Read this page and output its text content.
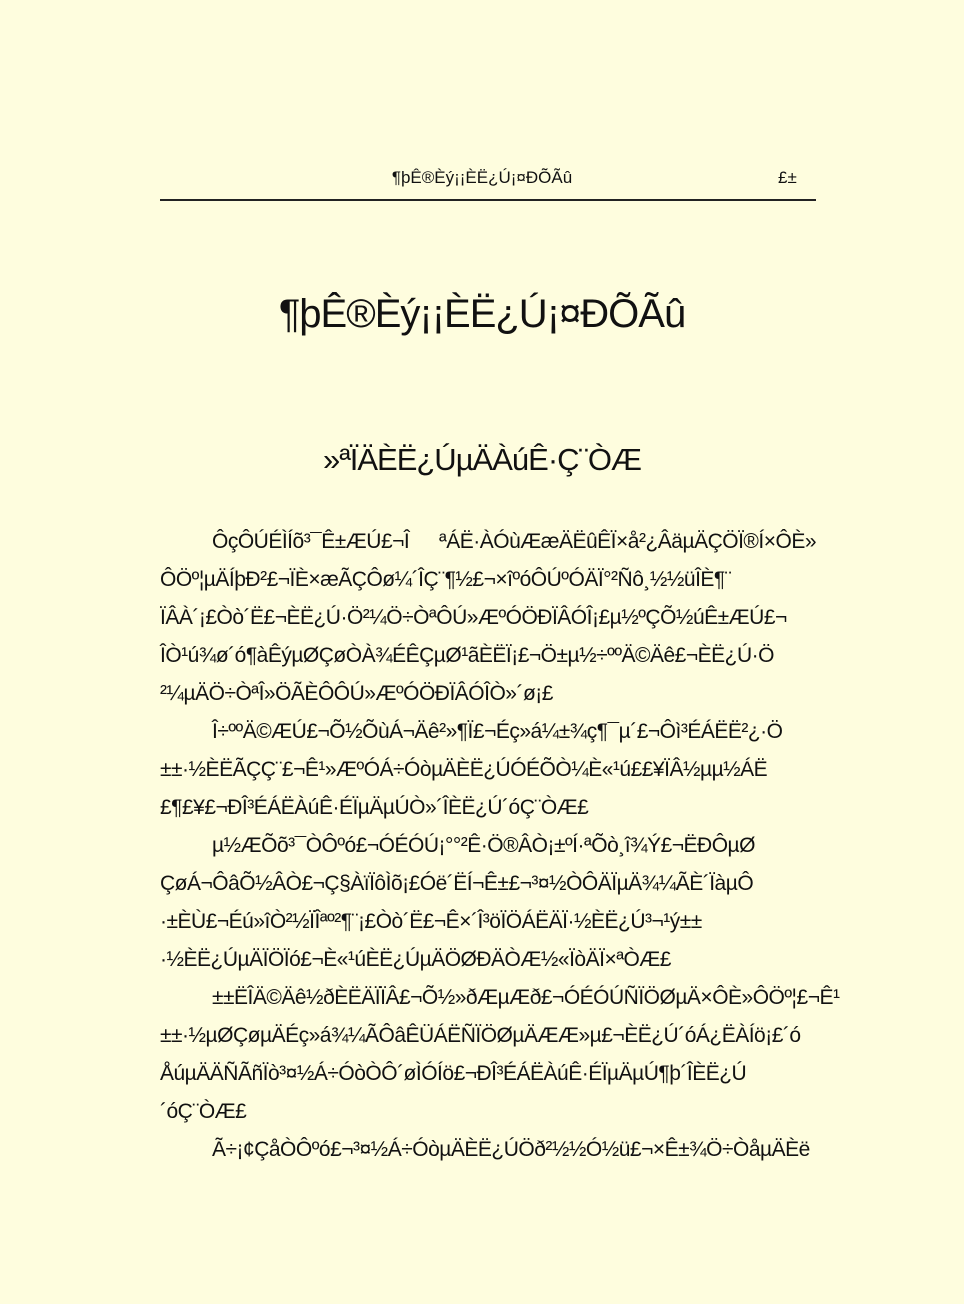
¶þÊ®Èý¡¡ÈË¿Ú¡¤ÐÕÃû	£±
¶þÊ®Èý¡¡ÈË¿Ú¡¤ÐÕÃû
»ªÏÄÈË¿ÚµÄÀúÊ·Ç¨ÒÆ
ÔçÔÚÉÌÍõ³¯Ê±ÆÚ£¬Î ªÁË·ÀÓùÆæÄËûÊÏ×å²¿ÂäµÄÇÖÏ®Í×ÔÈ»
ÔÖº¦µÄÍþÐ²£¬ÏÈ×æÃÇÔø¼´ÎÇ¨¶½£¬×îºóÔÚºÓÄÏ°²Ñô¸½½üÎÈ¶¨
ÏÂÀ´¡£Òò´Ë£¬ÈË¿Ú·Ö²¼Ö÷ÒªÔÚ»ÆºÓÖÐÏÂÓÎ¡£µ½ºÇÕ½úÊ±ÆÚ£¬
ÎÒ¹ú¾ø´ó¶àÊýµØÇøÒÀ¾ÉÊÇµØ¹ãÈËÏ¡£¬Ö±µ½÷ººÄ©Äê£¬ÈË¿Ú·Ö
²¼µÄÖ÷ÒªÎ»ÖÃÈÔÔÚ»ÆºÓÖÐÏÂÓÎÒ»´ø¡£
Î÷ººÄ©ÆÚ£¬Õ½ÕùÁ¬Äê²»¶Ï£¬Éç»á¼±¾ç¶¯µ´£¬Ôì³ÉÁËË²¿·Ö
±±·½ÈËÃÇÇ¨£¬Ê¹»ÆºÓÁ÷ÓòµÄÈË¿ÚÓÉÕÒ¼È«¹ú££¥ÏÂ½µµ½ÁË
£¶£¥£¬ÐÎ³ÉÁËÀúÊ·ÉÏµÄµÚÒ»´ÎÈË¿Ú´óÇ¨ÒÆ£
µ½ÆÕõ³¯ÒÔºó£¬ÓÉÓÚ¡°°²Ê·Ö®ÂÒ¡±ºÍ·ªÕò¸î¾Ý£¬ËÐÔµØ
ÇøÁ¬ÔâÕ½ÂÒ£¬Ç§ÀïÏôÌõ¡£Óë´ËÍ¬Ê±£¬³¤½ÒÔÄÏµÄ¾¼ÃÈ´ÏàµÔ
·±ÈÙ£¬Éú»îÒ²½ÏÎªº²¶¨¡£Òò´Ë£¬Ê×´Î³öÏÖÁËÄÏ·½ÈË¿Ú³¬¹ý±±
·½ÈË¿ÚµÄÏÖÏó£¬È«¹úÈË¿ÚµÄÖØÐÄÒÆ½«ÏòÄÏ×ªÒÆ£
±±ËÎÄ©Äê½ðÈËÄÏÏÂ£¬Õ½»ðÆµÆð£¬ÓÉÓÚÑÏÖØµÄ×ÔÈ»ÔÖº¦£¬Ê¹
±±·½µØÇøµÄÉç»á¾¼ÃÔâÊÜÁËÑÏÖØµÄÆÆ»µ£¬ÈË¿Ú´óÁ¿ËÀÍö¡£´ó
ÅúµÄÄÑÃñÏò³¤½Á÷ÓòÒÔ´øÌÓÍö£¬ÐÎ³ÉÁËÀúÊ·ÉÏµÄµÚ¶þ´ÎÈË¿Ú
´óÇ¨ÒÆ£
Ã÷¡¢ÇåÒÔºó£¬³¤½Á÷ÓòµÄÈË¿ÚÖð²½½Ó½ü£¬×Ê±¾Ö÷ÒåµÄÈë
